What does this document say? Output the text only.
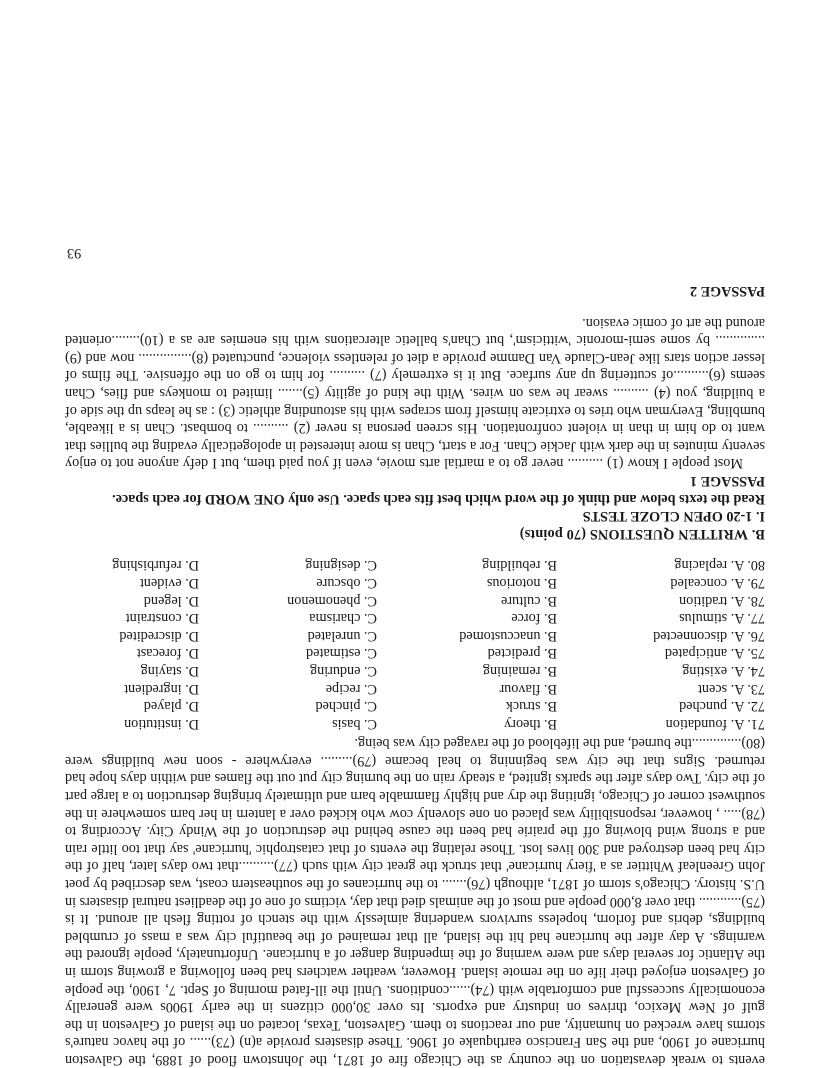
events to wreak devastation on the country as the Chicago fire of 1871, the Johnstown flood of 1889, the Galveston hurricane of 1900, and the San Francisco earthquake of 1906. These disasters provide a(n) (73)...... of the havoc nature's storms have wrecked on humanity, and our reactions to them. Galveston, Texas, located on the island of Galveston in the gulf of New Mexico, thrives on industry and exports. Its over 30,000 citizens in the early 1900s were generally economically successful and comfortable with (74)......conditions. Until the ill-fated morning of Sept. 7, 1900, the people of Galveston enjoyed their life on the remote island. However, weather watchers had been following a growing storm in the Atlantic for several days and were warning of the impending danger of a hurricane. Unfortunately, people ignored the warnings. A day after the hurricane had hit the island, all that remained of the beautiful city was a mass of crumbled buildings, debris and forlorn, hopeless survivors wandering aimlessly with the stench of rotting flesh all around. It is (75)............ that over 8,000 people and most of the animals died that day, victims of one of the deadliest natural disasters in U.S. history. Chicago's storm of 1871, although (76)....... to the hurricanes of the southeastern coast, was described by poet John Greenleaf Whittier as a 'fiery hurricane' that struck the great city with such (77)..........that two days later, half of the city had been destroyed and 300 lives lost. Those relating the events of that catastrophic 'hurricane' say that too little rain and a strong wind blowing off the prairie had been the cause behind the destruction of the Windy City. According to (78)..... , however, responsibility was placed on one slovenly cow who kicked over a lantern in her barn somewhere in the southwest corner of Chicago, igniting the dry and highly flammable barn and ultimately bringing destruction to a large part of the city. Two days after the sparks ignited, a steady rain on the burning city put out the flames and within days hope had returned. Signs that the city was beginning to heal became (79)......... everywhere - soon new buildings were (80)..............the burned, and the lifeblood of the ravaged city was being.

71. A. foundation
B. theory
C. basis
D. institution
72. A. punched
B. struck
C. pinched
D. played
73. A. scent
B. flavour
C. recipe
D. ingredient
74. A. existing
B. remaining
C. enduring
D. staying
75. A. anticipated
B. predicted
C. estimated
D. forecast
76. A. disconnected
B. unaccustomed
C. unrelated
D. discredited
77. A. stimulus
B. force
C. charisma
D. constraint
78. A. tradition
B. culture
C. phenomenon
D. legend
79. A. concealed
B. notorious
C. obscure
D. evident
80. A. replacing
B. rebuilding
C. designing
D. refurbishing

B. WRITTEN QUESTIONS (70 points)

I. 1-20 OPEN CLOZE TESTS

Read the texts below and think of the word which best fits each space. Use only ONE WORD for each space.

PASSAGE 1

Most people I know (1) .......... never go to a martial arts movie, even if you paid them, but I defy anyone not to enjoy seventy minutes in the dark with Jackie Chan. For a start, Chan is more interested in apologetically evading the bullies that want to do him in than in violent confrontation. His screen persona is never (2) .......... to bombast. Chan is a likeable, bumbling, Everyman who tries to extricate himself from scrapes with his astounding athletic (3) : as he leaps up the side of a building, you (4) .......... swear he was on wires. With the kind of agility (5)....... limited to monkeys and flies, Chan seems (6)..........of scuttering up any surface. But it is extremely (7) .......... for him to go on the offensive. The films of lesser action stars like Jean-Claude Van Damme provide a diet of relentless violence, punctuated (8)............... now and (9) .............. by some semi-moronic 'witticism', but Chan's balletic altercations with his enemies are as a (10)........oriented around the art of comic evasion.

PASSAGE 2

93
